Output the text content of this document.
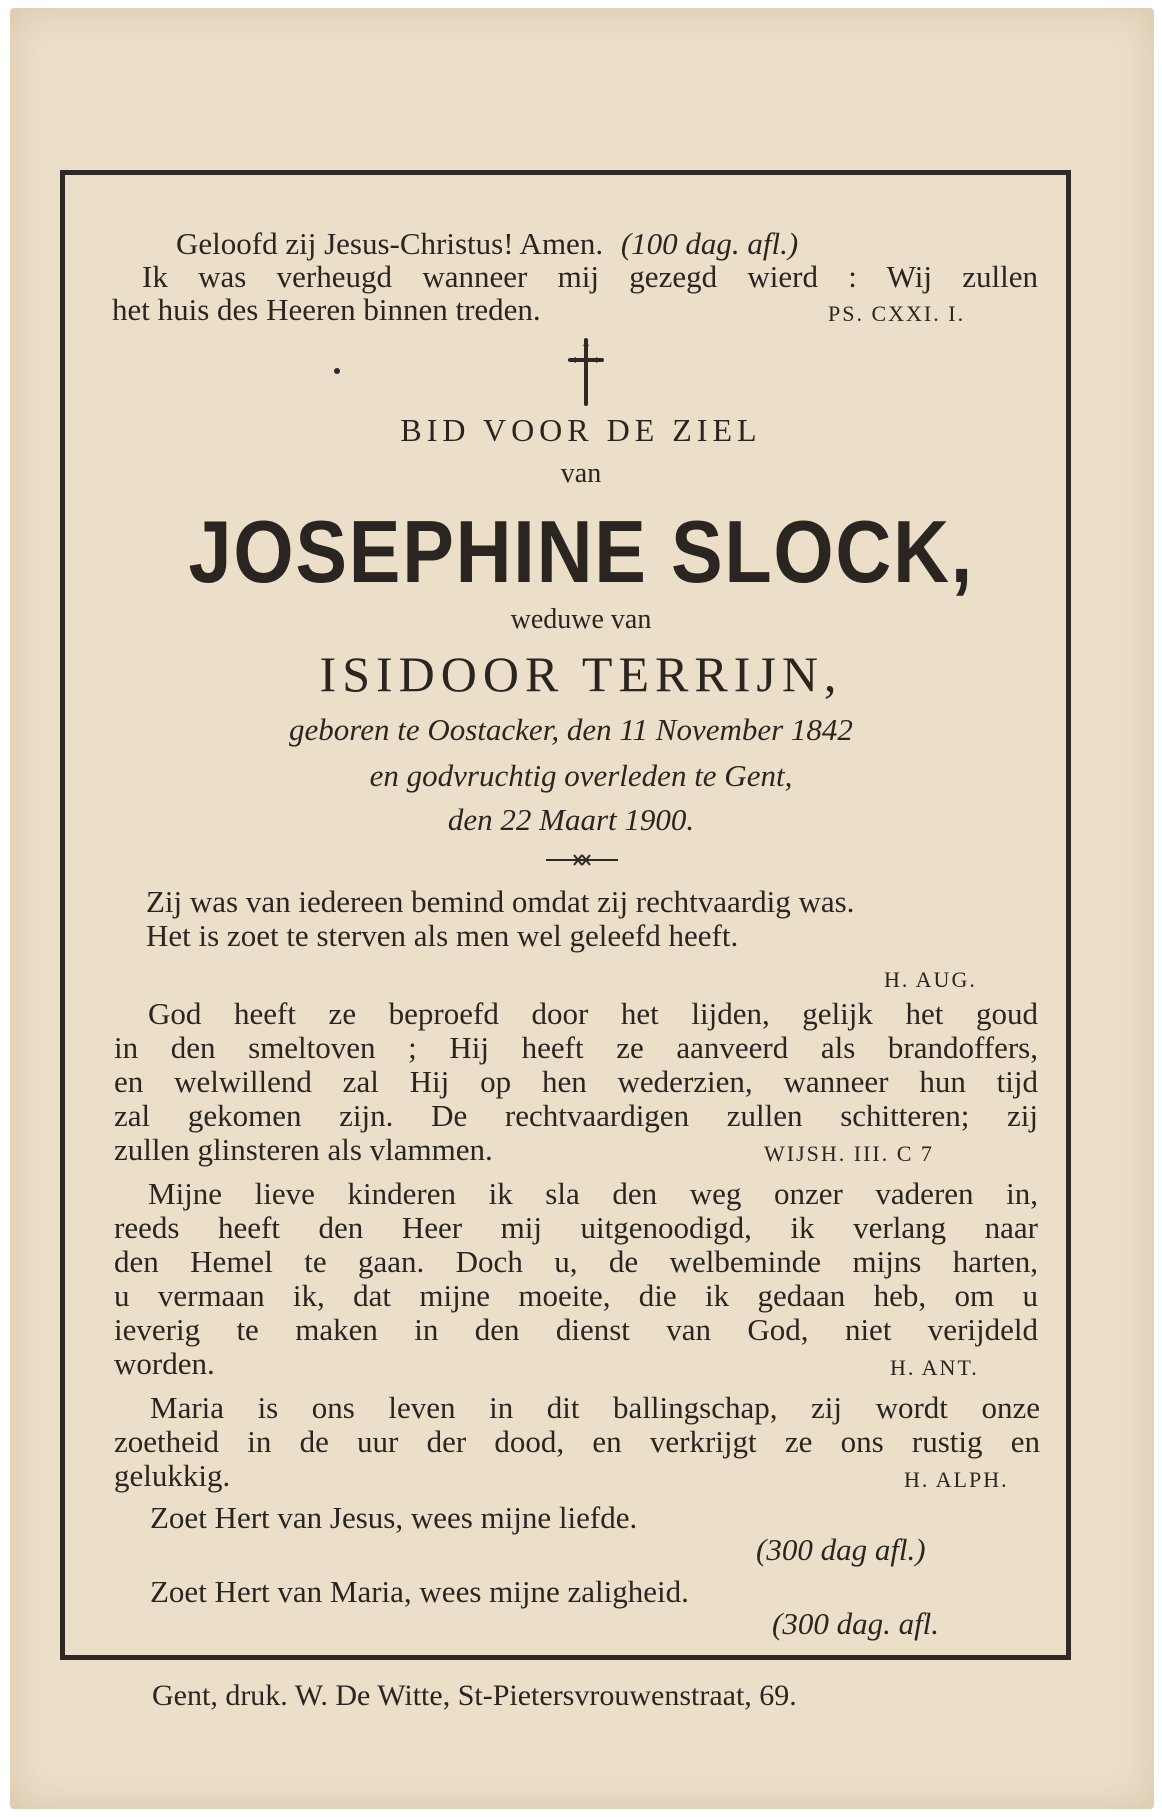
Geloofd zij Jesus-Christus! Amen. (100 dag. afl.)
Ik was verheugd wanneer mij gezegd wierd : Wij zullen
het huis des Heeren binnen treden.	PS. CXXI. I.
BID VOOR DE ZIEL
van
JOSEPHINE SLOCK,
weduwe van
ISIDOOR TERRIJN,
geboren te Oostacker, den 11 November 1842
en godvruchtig overleden te Gent,
den 22 Maart 1900.
Zij was van iedereen bemind omdat zij rechtvaardig was.
Het is zoet te sterven als men wel geleefd heeft.
H. AUG.
God heeft ze beproefd door het lijden, gelijk het goud
in den smeltoven ; Hij heeft ze aanveerd als brandoffers,
en welwillend zal Hij op hen wederzien, wanneer hun tijd
zal gekomen zijn. De rechtvaardigen zullen schitteren; zij
zullen glinsteren als vlammen.	WIJSH. III. C 7
Mijne lieve kinderen ik sla den weg onzer vaderen in,
reeds heeft den Heer mij uitgenoodigd, ik verlang naar
den Hemel te gaan. Doch u, de welbeminde mijns harten,
u vermaan ik, dat mijne moeite, die ik gedaan heb, om u
ieverig te maken in den dienst van God, niet verijdeld
worden.	H. ANT.
Maria is ons leven in dit ballingschap, zij wordt onze
zoetheid in de uur der dood, en verkrijgt ze ons rustig en
gelukkig.	H. ALPH.
Zoet Hert van Jesus, wees mijne liefde.
(300 dag afl.)
Zoet Hert van Maria, wees mijne zaligheid.
(300 dag. afl.
Gent, druk. W. De Witte, St-Pietersvrouwenstraat, 69.
